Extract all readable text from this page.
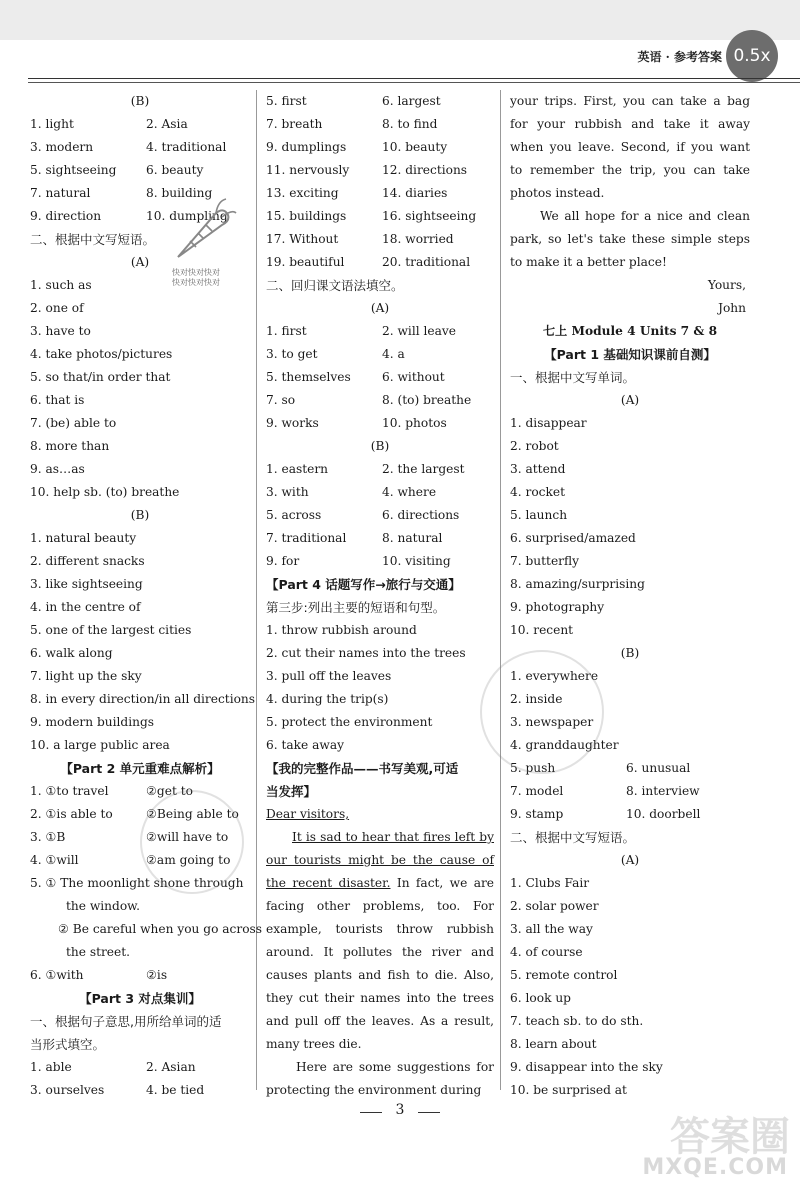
英语 · 参考答案 0.5x
(B)
1. light	2. Asia
3. modern	4. traditional
5. sightseeing	6. beauty
7. natural	8. building
9. direction	10. dumpling
二、根据中文写短语。
(A)
1. such as
2. one of
3. have to
4. take photos/pictures
5. so that/in order that
6. that is
7. (be) able to
8. more than
9. as…as
10. help sb. (to) breathe
(B)
1. natural beauty
2. different snacks
3. like sightseeing
4. in the centre of
5. one of the largest cities
6. walk along
7. light up the sky
8. in every direction/in all directions
9. modern buildings
10. a large public area
【Part 2 单元重难点解析】
1. ①to travel	②get to
2. ①is able to	②Being able to
3. ①B	②will have to
4. ①will	②am going to
5. ① The moonlight shone through
the window.
② Be careful when you go across
the street.
6. ①with	②is
【Part 3 对点集训】
一、根据句子意思,用所给单词的适
当形式填空。
1. able	2. Asian
3. ourselves	4. be tied
5. first	6. largest
7. breath	8. to find
9. dumplings	10. beauty
11. nervously	12. directions
13. exciting	14. diaries
15. buildings	16. sightseeing
17. Without	18. worried
19. beautiful	20. traditional
二、回归课文语法填空。
(A)
1. first	2. will leave
3. to get	4. a
5. themselves	6. without
7. so	8. (to) breathe
9. works	10. photos
(B)
1. eastern	2. the largest
3. with	4. where
5. across	6. directions
7. traditional	8. natural
9. for	10. visiting
【Part 4 话题写作→旅行与交通】
第三步:列出主要的短语和句型。
1. throw rubbish around
2. cut their names into the trees
3. pull off the leaves
4. during the trip(s)
5. protect the environment
6. take away
【我的完整作品——书写美观,可适
当发挥】
Dear visitors,
It is sad to hear that fires left by our tourists might be the cause of the recent disaster. In fact, we are facing other problems, too. For example, tourists throw rubbish around. It pollutes the river and causes plants and fish to die. Also, they cut their names into the trees and pull off the leaves. As a result, many trees die.
Here are some suggestions for protecting the environment during
your trips. First, you can take a bag for your rubbish and take it away when you leave. Second, if you want to remember the trip, you can take photos instead.
We all hope for a nice and clean park, so let's take these simple steps to make it a better place!
Yours,
John
七上 Module 4 Units 7 & 8
【Part 1 基础知识课前自测】
一、根据中文写单词。
(A)
1. disappear
2. robot
3. attend
4. rocket
5. launch
6. surprised/amazed
7. butterfly
8. amazing/surprising
9. photography
10. recent
(B)
1. everywhere
2. inside
3. newspaper
4. granddaughter
5. push	6. unusual
7. model	8. interview
9. stamp	10. doorbell
二、根据中文写短语。
(A)
1. Clubs Fair
2. solar power
3. all the way
4. of course
5. remote control
6. look up
7. teach sb. to do sth.
8. learn about
9. disappear into the sky
10. be surprised at
快对快对快对
快对快对快对
3
答案圈
MXQE.COM
